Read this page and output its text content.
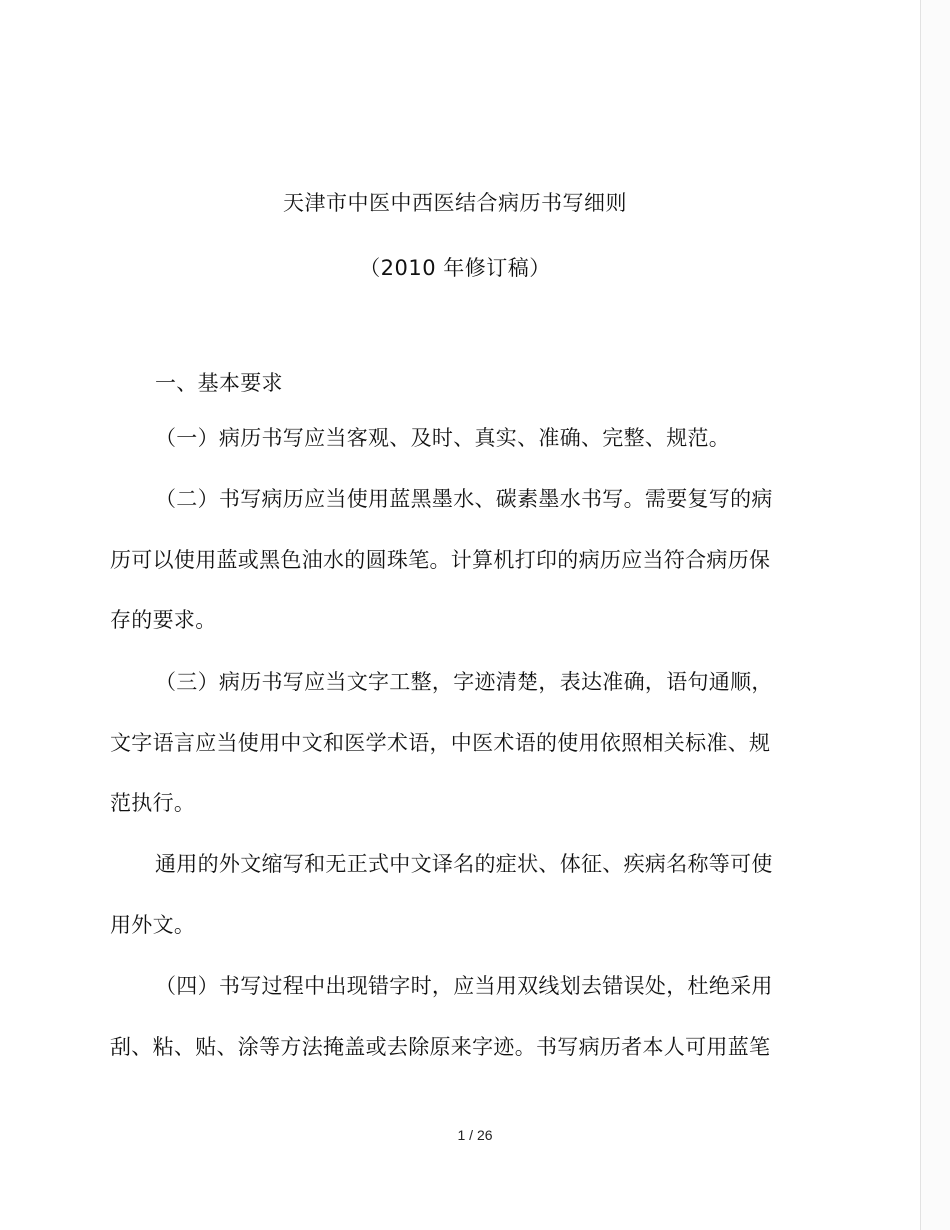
天津市中医中西医结合病历书写细则
（2010 年修订稿）
一、基本要求
（一）病历书写应当客观、及时、真实、准确、完整、规范。
（二）书写病历应当使用蓝黑墨水、碳素墨水书写。需要复写的病
历可以使用蓝或黑色油水的圆珠笔。计算机打印的病历应当符合病历保
存的要求。
（三）病历书写应当文字工整，字迹清楚，表达准确，语句通顺，
文字语言应当使用中文和医学术语，中医术语的使用依照相关标准、规
范执行。
通用的外文缩写和无正式中文译名的症状、体征、疾病名称等可使
用外文。
（四）书写过程中出现错字时，应当用双线划去错误处，杜绝采用
刮、粘、贴、涂等方法掩盖或去除原来字迹。书写病历者本人可用蓝笔
1 / 26
